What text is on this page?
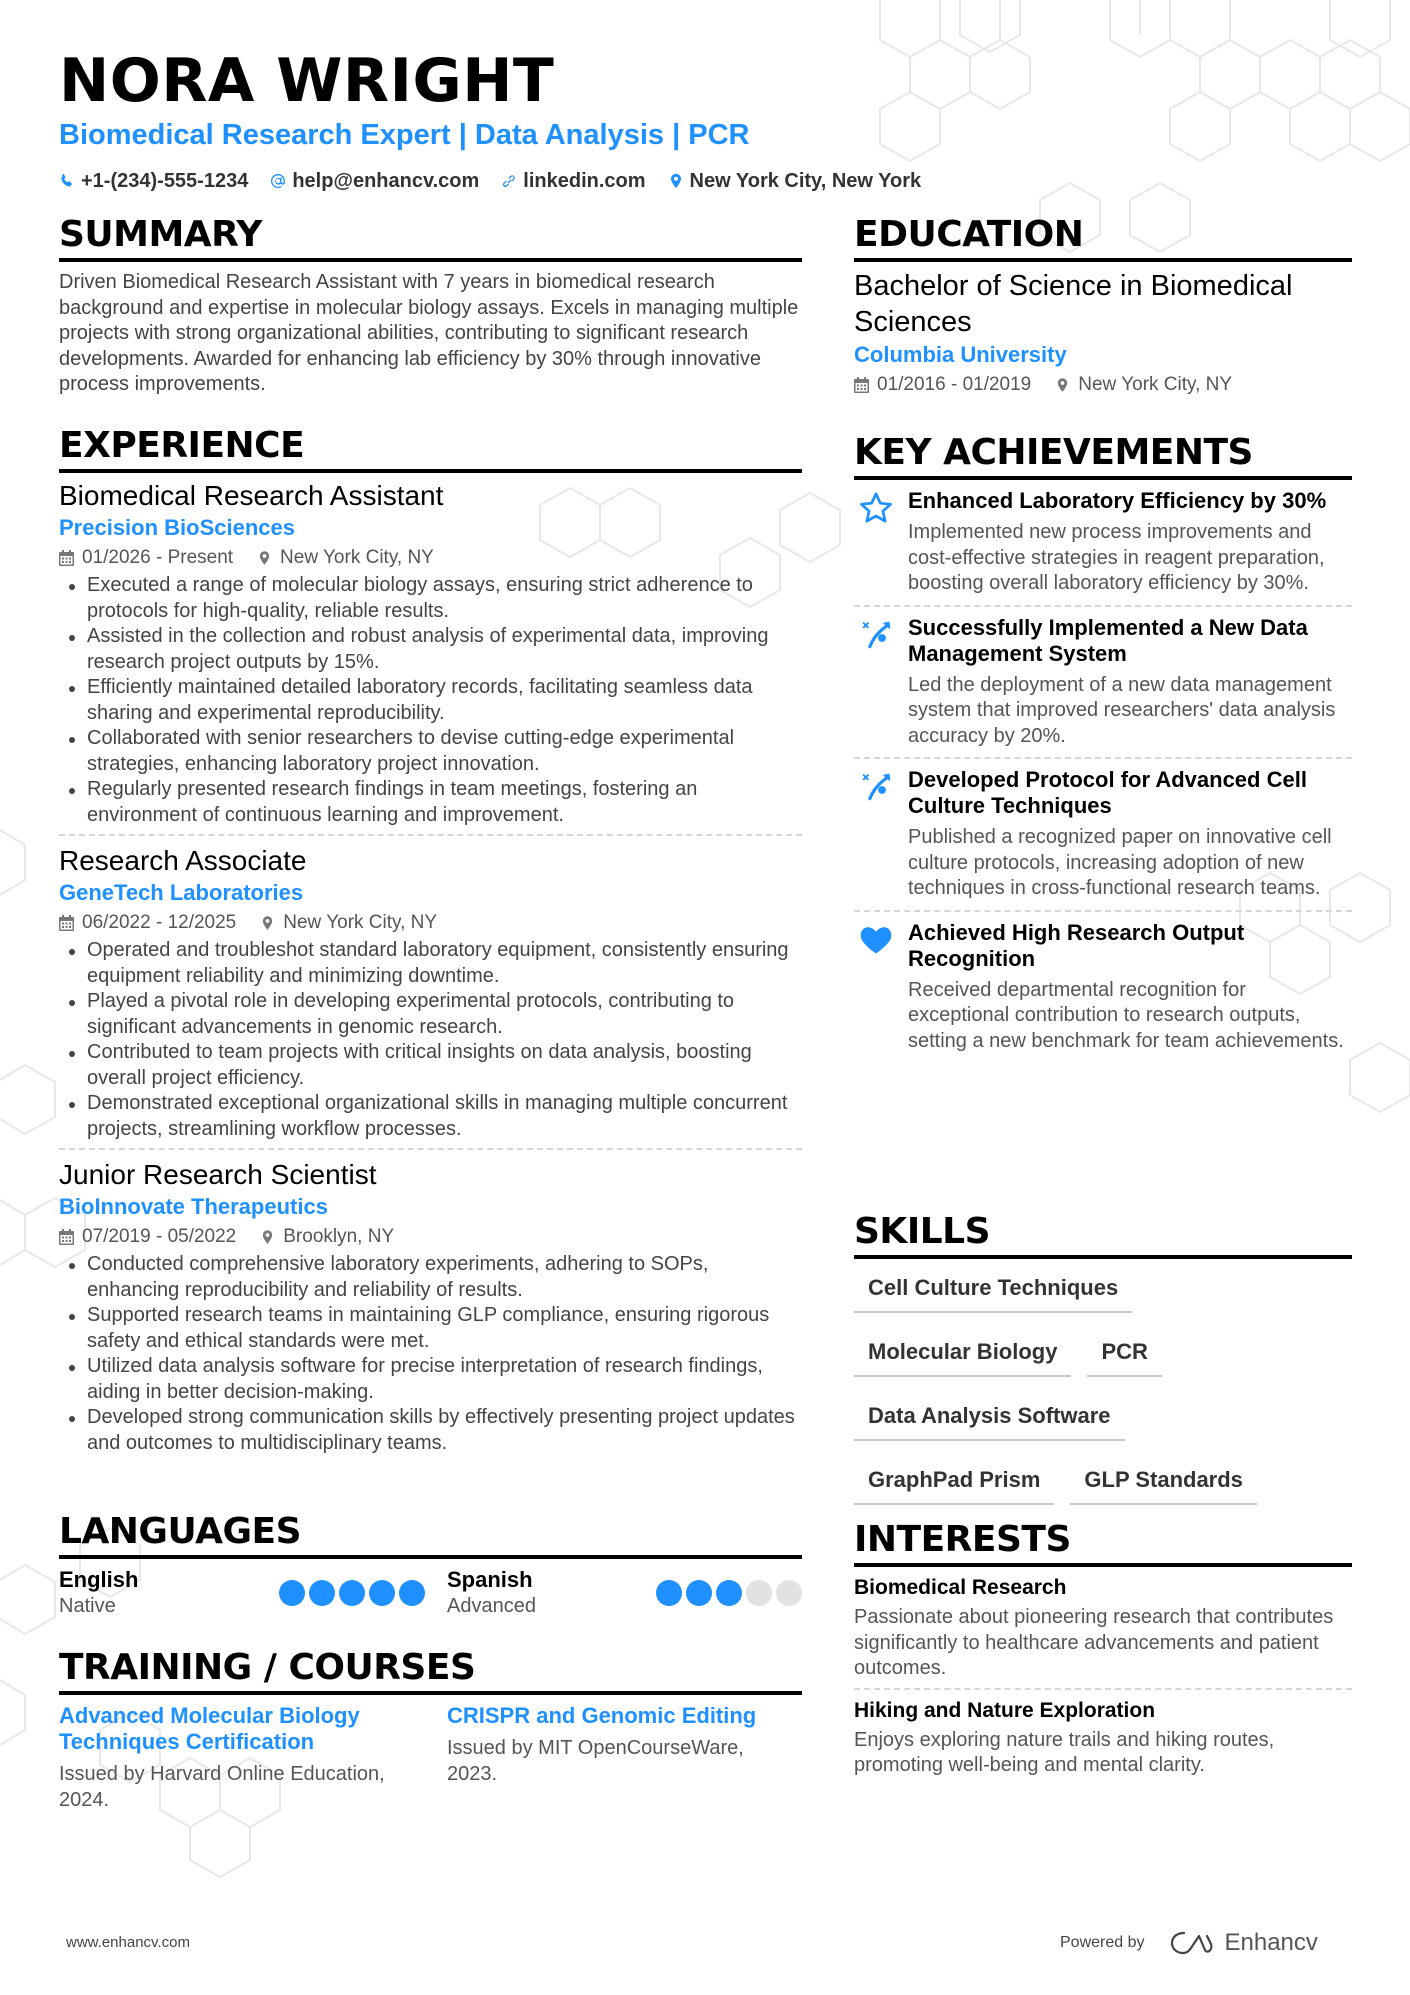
NORA WRIGHT
Biomedical Research Expert | Data Analysis | PCR
+1-(234)-555-1234 help@enhancv.com linkedin.com New York City, New York
SUMMARY

Driven Biomedical Research Assistant with 7 years in biomedical research background and expertise in molecular biology assays. Excels in managing multiple projects with strong organizational abilities, contributing to significant research developments. Awarded for enhancing lab efficiency by 30% through innovative process improvements.

EXPERIENCE
Biomedical Research Assistant
Precision BioSciences
01/2026 - Present New York City, NY
Executed a range of molecular biology assays, ensuring strict adherence to protocols for high-quality, reliable results.
Assisted in the collection and robust analysis of experimental data, improving research project outputs by 15%.
Efficiently maintained detailed laboratory records, facilitating seamless data sharing and experimental reproducibility.
Collaborated with senior researchers to devise cutting-edge experimental strategies, enhancing laboratory project innovation.
Regularly presented research findings in team meetings, fostering an environment of continuous learning and improvement.
Research Associate
GeneTech Laboratories
06/2022 - 12/2025 New York City, NY
Operated and troubleshot standard laboratory equipment, consistently ensuring equipment reliability and minimizing downtime.
Played a pivotal role in developing experimental protocols, contributing to significant advancements in genomic research.
Contributed to team projects with critical insights on data analysis, boosting overall project efficiency.
Demonstrated exceptional organizational skills in managing multiple concurrent projects, streamlining workflow processes.
Junior Research Scientist
BioInnovate Therapeutics
07/2019 - 05/2022 Brooklyn, NY
Conducted comprehensive laboratory experiments, adhering to SOPs, enhancing reproducibility and reliability of results.
Supported research teams in maintaining GLP compliance, ensuring rigorous safety and ethical standards were met.
Utilized data analysis software for precise interpretation of research findings, aiding in better decision-making.
Developed strong communication skills by effectively presenting project updates and outcomes to multidisciplinary teams.
LANGUAGES
English
Native
Spanish
Advanced
TRAINING / COURSES
Advanced Molecular Biology Techniques Certification
Issued by Harvard Online Education, 2024.
CRISPR and Genomic Editing
Issued by MIT OpenCourseWare, 2023.
EDUCATION
Bachelor of Science in Biomedical Sciences
Columbia University
01/2016 - 01/2019 New York City, NY
KEY ACHIEVEMENTS
Enhanced Laboratory Efficiency by 30%
Implemented new process improvements and cost-effective strategies in reagent preparation, boosting overall laboratory efficiency by 30%.
Successfully Implemented a New Data Management System
Led the deployment of a new data management system that improved researchers' data analysis accuracy by 20%.
Developed Protocol for Advanced Cell Culture Techniques
Published a recognized paper on innovative cell culture protocols, increasing adoption of new techniques in cross-functional research teams.
Achieved High Research Output Recognition
Received departmental recognition for exceptional contribution to research outputs, setting a new benchmark for team achievements.
SKILLS
Cell Culture Techniques
Molecular Biology	PCR
Data Analysis Software
GraphPad Prism	GLP Standards
INTERESTS
Biomedical Research
Passionate about pioneering research that contributes significantly to healthcare advancements and patient outcomes.
Hiking and Nature Exploration
Enjoys exploring nature trails and hiking routes, promoting well-being and mental clarity.
www.enhancv.com	Powered by	Enhancv
